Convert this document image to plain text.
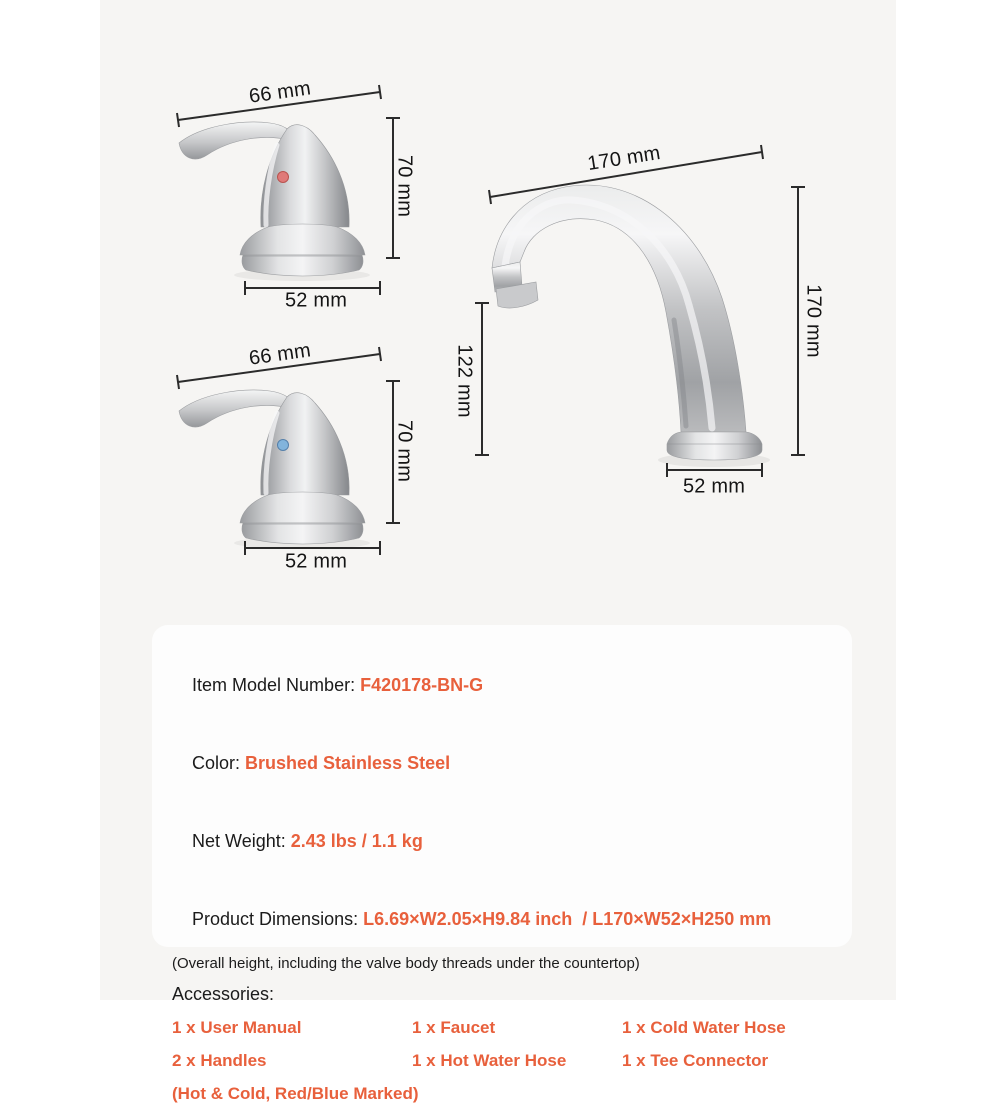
66 mm
70 mm
52 mm
66 mm
70 mm
52 mm
170 mm
170 mm
122 mm
52 mm

Item Model Number: F420178-BN-G

Color: Brushed Stainless Steel

Net Weight: 2.43 lbs / 1.1 kg

Product Dimensions: L6.69×W2.05×H9.84 inch  / L170×W52×H250 mm

(Overall height, including the valve body threads under the countertop)
Accessories:
1 x User Manual	1 x Faucet	1 x Cold Water Hose
2 x Handles	1 x Hot Water Hose	1 x Tee Connector
(Hot & Cold, Red/Blue Marked)
